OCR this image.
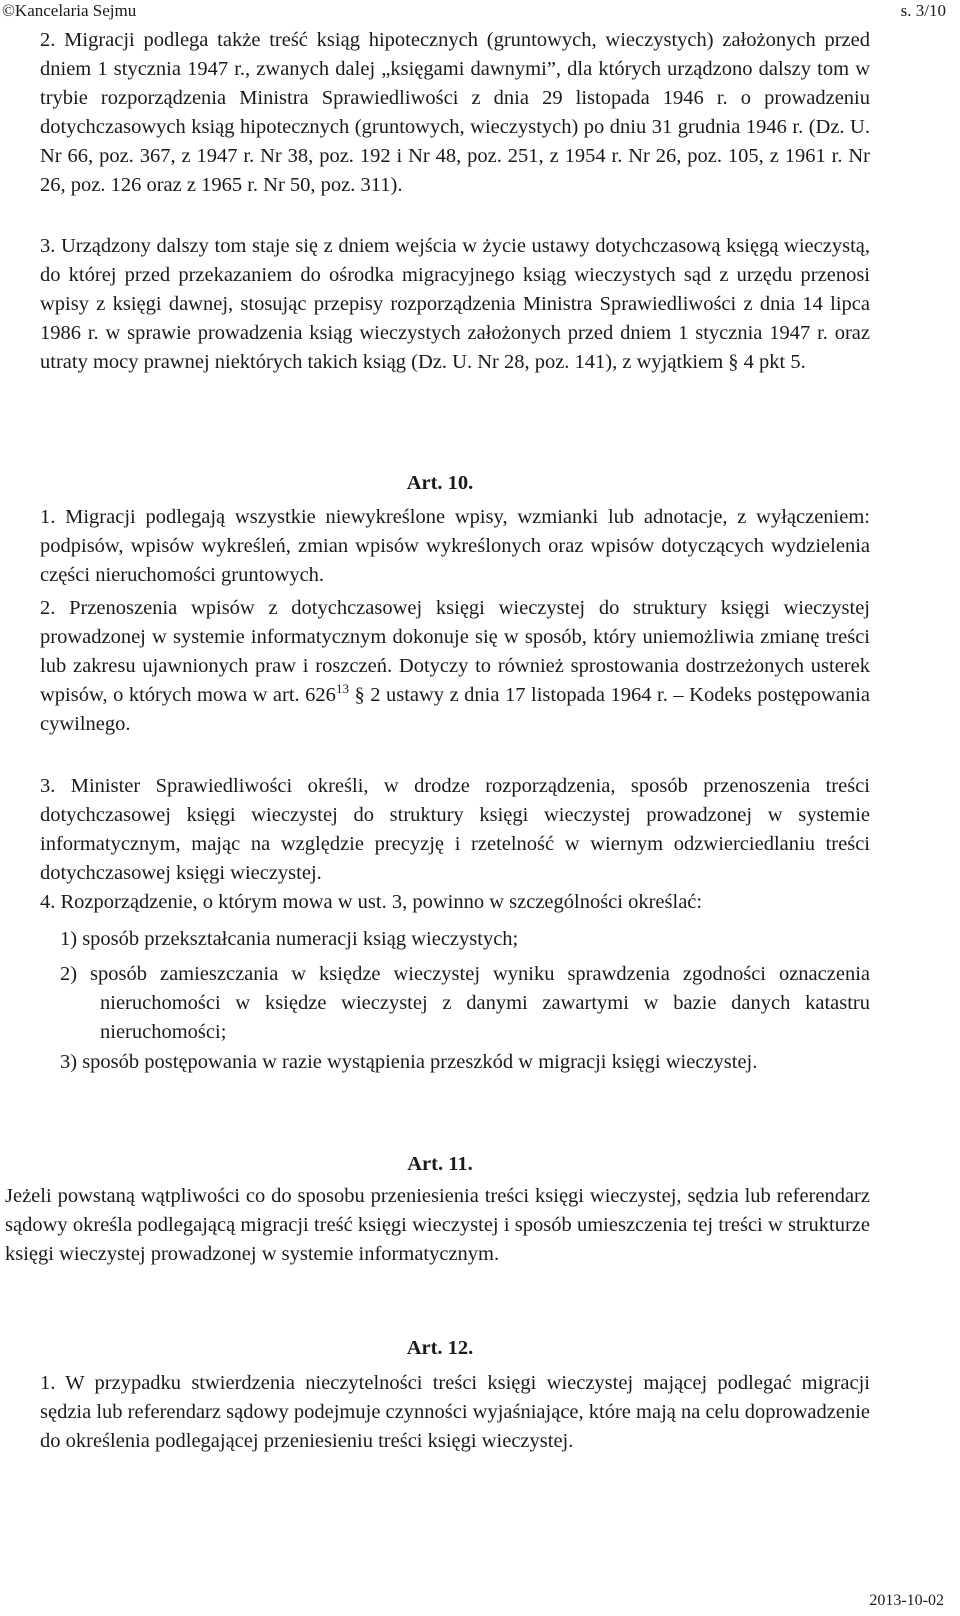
©Kancelaria Sejmu	s. 3/10
2. Migracji podlega także treść ksiąg hipotecznych (gruntowych, wieczystych) założonych przed dniem 1 stycznia 1947 r., zwanych dalej „księgami dawnymi”, dla których urządzono dalszy tom w trybie rozporządzenia Ministra Sprawiedliwości z dnia 29 listopada 1946 r. o prowadzeniu dotychczasowych ksiąg hipotecznych (gruntowych, wieczystych) po dniu 31 grudnia 1946 r. (Dz. U. Nr 66, poz. 367, z 1947 r. Nr 38, poz. 192 i Nr 48, poz. 251, z 1954 r. Nr 26, poz. 105, z 1961 r. Nr 26, poz. 126 oraz z 1965 r. Nr 50, poz. 311).
3. Urządzony dalszy tom staje się z dniem wejścia w życie ustawy dotychczasową księgą wieczystą, do której przed przekazaniem do ośrodka migracyjnego ksiąg wieczystych sąd z urzędu przenosi wpisy z księgi dawnej, stosując przepisy rozporządzenia Ministra Sprawiedliwości z dnia 14 lipca 1986 r. w sprawie prowadzenia ksiąg wieczystych założonych przed dniem 1 stycznia 1947 r. oraz utraty mocy prawnej niektórych takich ksiąg (Dz. U. Nr 28, poz. 141), z wyjątkiem § 4 pkt 5.
Art. 10.
1. Migracji podlegają wszystkie niewykreślone wpisy, wzmianki lub adnotacje, z wyłączeniem: podpisów, wpisów wykreśleń, zmian wpisów wykreślonych oraz wpisów dotyczących wydzielenia części nieruchomości gruntowych.
2. Przenoszenia wpisów z dotychczasowej księgi wieczystej do struktury księgi wieczystej prowadzonej w systemie informatycznym dokonuje się w sposób, który uniemożliwia zmianę treści lub zakresu ujawnionych praw i roszczeń. Dotyczy to również sprostowania dostrzeżonych usterek wpisów, o których mowa w art. $626^{13}$ § 2 ustawy z dnia 17 listopada 1964 r. – Kodeks postępowania cywilnego.
3. Minister Sprawiedliwości określi, w drodze rozporządzenia, sposób przenoszenia treści dotychczasowej księgi wieczystej do struktury księgi wieczystej prowadzonej w systemie informatycznym, mając na względzie precyzję i rzetelność w wiernym odzwierciedlaniu treści dotychczasowej księgi wieczystej.
4. Rozporządzenie, o którym mowa w ust. 3, powinno w szczególności określać:
1) sposób przekształcania numeracji ksiąg wieczystych;
2) sposób zamieszczania w księdze wieczystej wyniku sprawdzenia zgodności oznaczenia nieruchomości w księdze wieczystej z danymi zawartymi w bazie danych katastru nieruchomości;
3) sposób postępowania w razie wystąpienia przeszkód w migracji księgi wieczystej.
Art. 11.
Jeżeli powstaną wątpliwości co do sposobu przeniesienia treści księgi wieczystej, sędzia lub referendarz sądowy określa podlegającą migracji treść księgi wieczystej i sposób umieszczenia tej treści w strukturze księgi wieczystej prowadzonej w systemie informatycznym.
Art. 12.
1. W przypadku stwierdzenia nieczytelności treści księgi wieczystej mającej podlegać migracji sędzia lub referendarz sądowy podejmuje czynności wyjaśniające, które mają na celu doprowadzenie do określenia podlegającej przeniesieniu treści księgi wieczystej.
2013-10-02
